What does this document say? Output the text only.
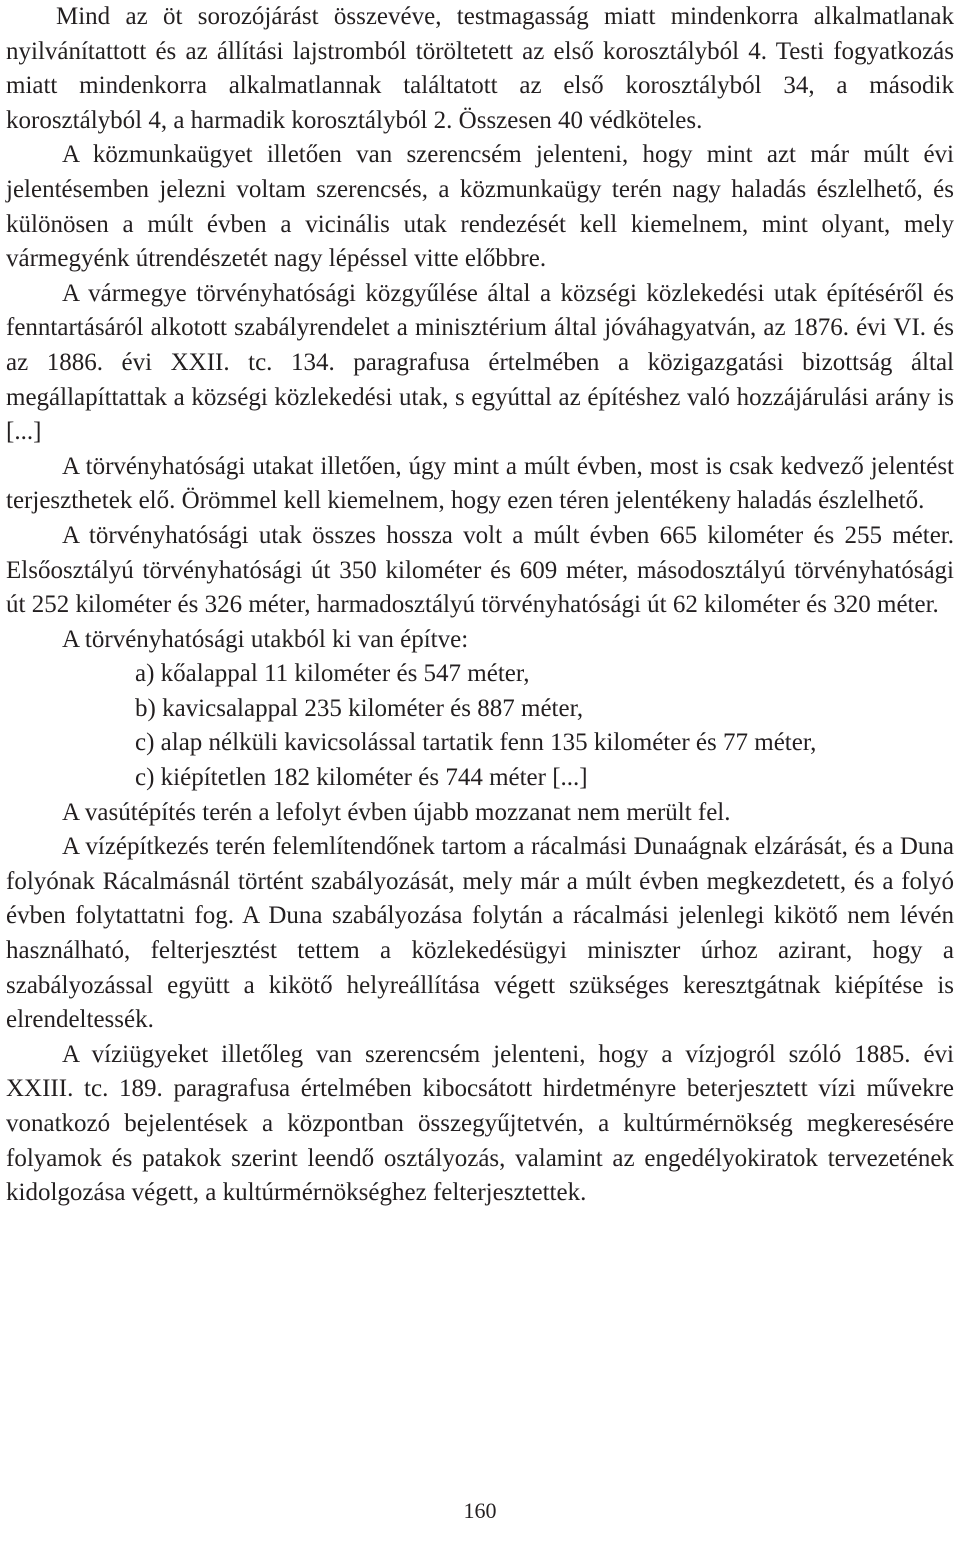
Mind az öt sorozójárást összevéve, testmagasság miatt mindenkorra alkalmatlanak nyilvánítattott és az állítási lajstromból töröltetett az első korosztályból 4. Testi fogyatkozás miatt mindenkorra alkalmatlannak találtatott az első korosztályból 34, a második korosztályból 4, a harmadik korosztályból 2. Összesen 40 védköteles.

A közmunkaügyet illetően van szerencsém jelenteni, hogy mint azt már múlt évi jelentésemben jelezni voltam szerencsés, a közmunkaügy terén nagy haladás észlelhető, és különösen a múlt évben a vicinális utak rendezését kell kiemelnem, mint olyant, mely vármegyénk útrendészetét nagy lépéssel vitte előbbre.

A vármegye törvényhatósági közgyűlése által a községi közlekedési utak építéséről és fenntartásáról alkotott szabályrendelet a minisztérium által jóváhagyatván, az 1876. évi VI. és az 1886. évi XXII. tc. 134. paragrafusa értelmében a közigazgatási bizottság által megállapíttattak a községi közlekedési utak, s egyúttal az építéshez való hozzájárulási arány is [...]

A törvényhatósági utakat illetően, úgy mint a múlt évben, most is csak kedvező jelentést terjeszthetek elő. Örömmel kell kiemelnem, hogy ezen téren jelentékeny haladás észlelhető.

A törvényhatósági utak összes hossza volt a múlt évben 665 kilométer és 255 méter. Elsőosztályú törvényhatósági út 350 kilométer és 609 méter, másodosztályú törvényhatósági út 252 kilométer és 326 méter, harmadosztályú törvényhatósági út 62 kilométer és 320 méter.

A törvényhatósági utakból ki van építve:

a) kőalappal 11 kilométer és 547 méter,

b) kavicsalappal 235 kilométer és 887 méter,

c) alap nélküli kavicsolással tartatik fenn 135 kilométer és 77 méter,

c) kiépítetlen 182 kilométer és 744 méter [...]

A vasútépítés terén a lefolyt évben újabb mozzanat nem merült fel.

A vízépítkezés terén felemlítendőnek tartom a rácalmási Dunaágnak elzárását, és a Duna folyónak Rácalmásnál történt szabályozását, mely már a múlt évben megkezdetett, és a folyó évben folytattatni fog. A Duna szabályozása folytán a rácalmási jelenlegi kikötő nem lévén használható, felterjesztést tettem a közlekedésügyi miniszter úrhoz azirant, hogy a szabályozással együtt a kikötő helyreállítása végett szükséges keresztgátnak kiépítése is elrendeltessék.

A víziügyeket illetőleg van szerencsém jelenteni, hogy a vízjogról szóló 1885. évi XXIII. tc. 189. paragrafusa értelmében kibocsátott hirdetményre beterjesztett vízi művekre vonatkozó bejelentések a központban összegyűjtetvén, a kultúrmérnökség megkeresésére folyamok és patakok szerint leendő osztályozás, valamint az engedélyokiratok tervezetének kidolgozása végett, a kultúrmérnökséghez felterjesztettek.

160
